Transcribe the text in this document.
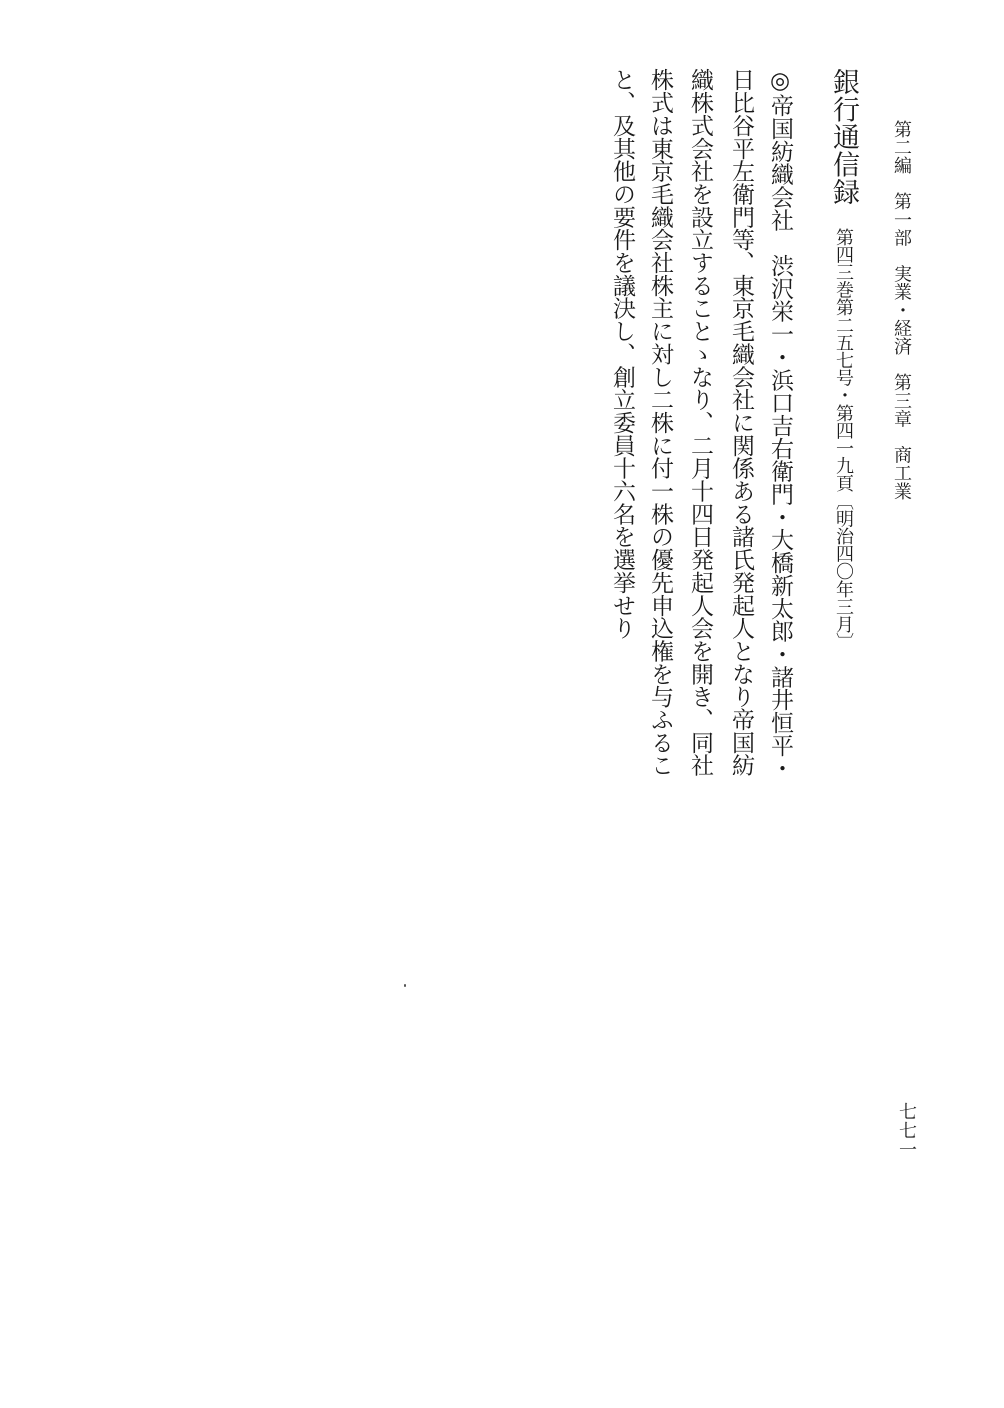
第二編　第一部　実業・経済　第三章　商工業
銀行通信録
第四三巻第二五七号・第四一九頁〔明治四〇年三月〕
◎帝国紡織会社　渋沢栄一・浜口吉右衛門・大橋新太郎・諸井恒平・
日比谷平左衛門等、東京毛織会社に関係ある諸氏発起人となり帝国紡
織株式会社を設立することゝなり、二月十四日発起人会を開き、同社
株式は東京毛織会社株主に対し二株に付一株の優先申込権を与ふるこ
と、及其他の要件を議決し、創立委員十六名を選挙せり
七七一
